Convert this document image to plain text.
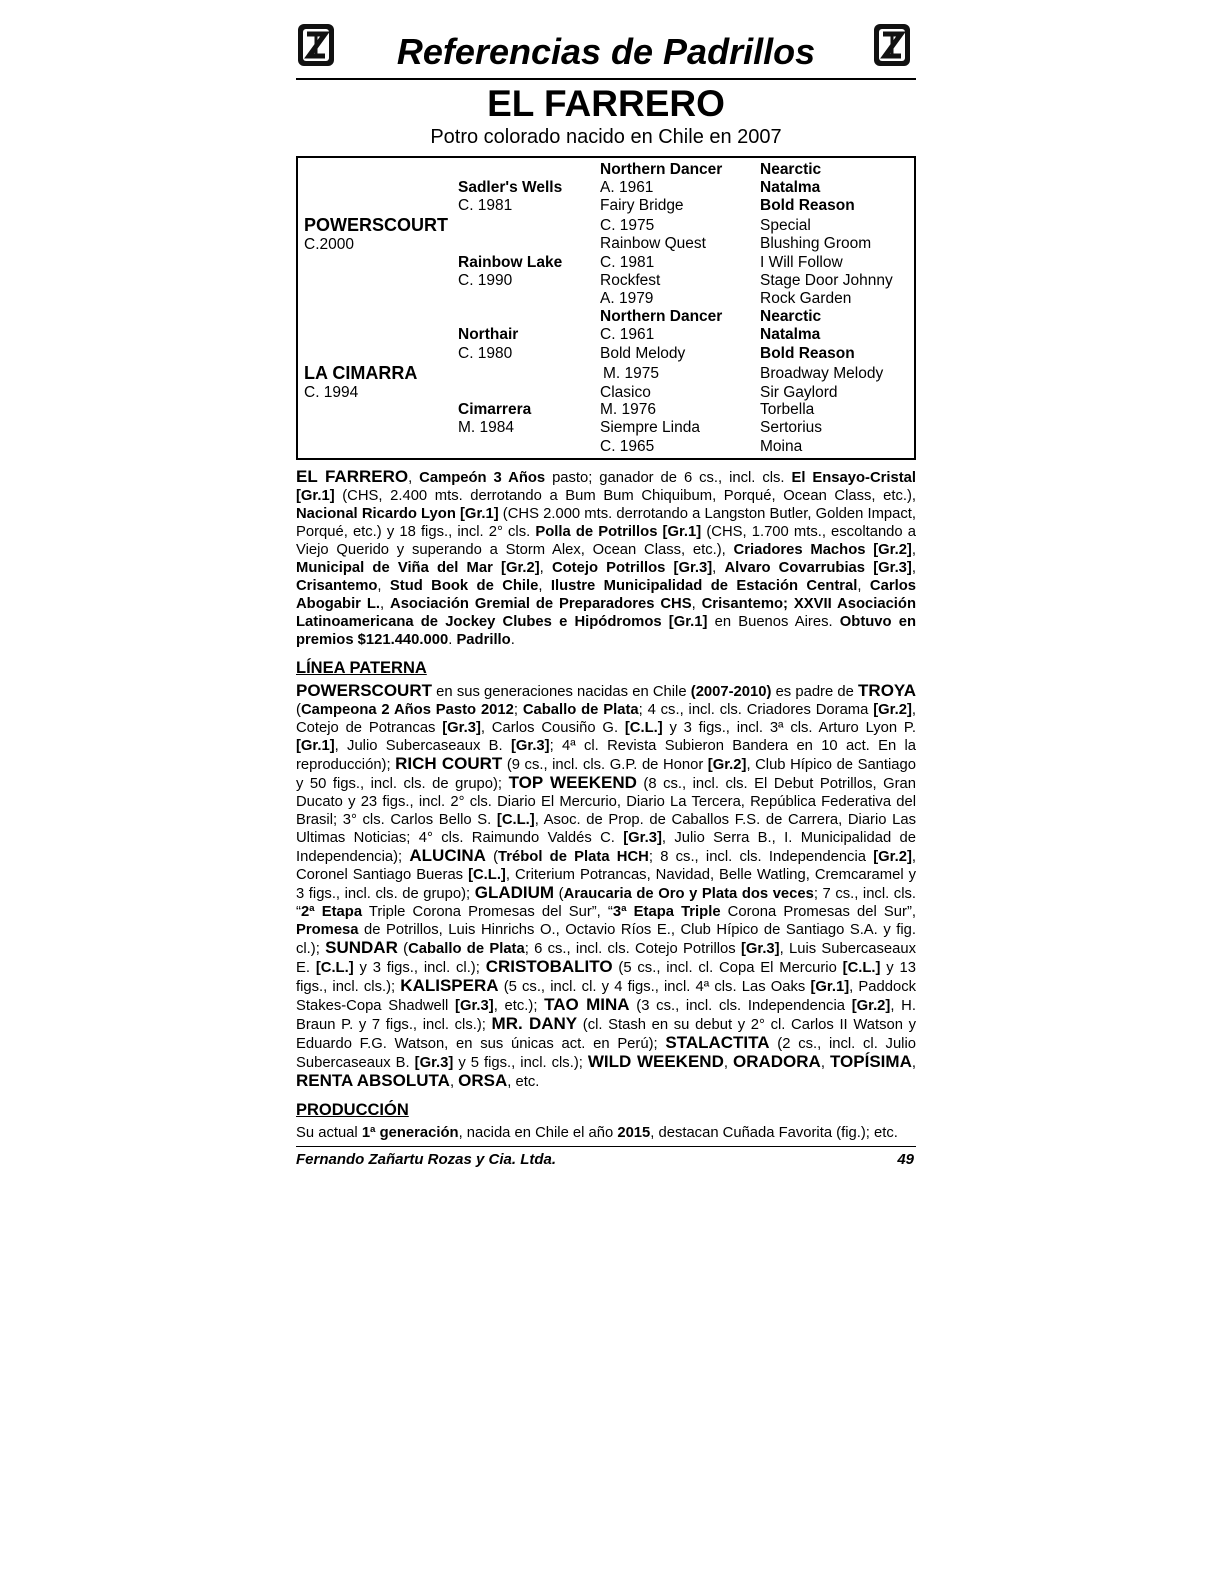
Referencias de Padrillos
EL FARRERO
Potro colorado nacido en Chile en 2007
POWERSCOURT
C.2000
LA CIMARRA
C. 1994
Sadler's Wells
C. 1981
Rainbow Lake
C. 1990
Northair
C. 1980
Cimarrera
M. 1984
Northern Dancer
A. 1961
Fairy Bridge
C. 1975
Rainbow Quest
C. 1981
Rockfest
A. 1979
Northern Dancer
C. 1961
Bold Melody
M. 1975
Clasico
M. 1976
Siempre Linda
C. 1965
Nearctic
Natalma
Bold Reason
Special
Blushing Groom
I Will Follow
Stage Door Johnny
Rock Garden
Nearctic
Natalma
Bold Reason
Broadway Melody
Sir Gaylord
Torbella
Sertorius
Moina
EL FARRERO, Campeón 3 Años pasto; ganador de 6 cs., incl. cls. El Ensayo-Cristal [Gr.1] (CHS, 2.400 mts. derrotando a Bum Bum Chiquibum, Porqué, Ocean Class, etc.), Nacional Ricardo Lyon [Gr.1] (CHS 2.000 mts. derrotando a Langston Butler, Golden Impact, Porqué, etc.) y 18 figs., incl. 2° cls. Polla de Potrillos [Gr.1] (CHS, 1.700 mts., escoltando a Viejo Querido y superando a Storm Alex, Ocean Class, etc.), Criadores Machos [Gr.2], Municipal de Viña del Mar [Gr.2], Cotejo Potrillos [Gr.3], Alvaro Covarrubias [Gr.3], Crisantemo, Stud Book de Chile, Ilustre Municipalidad de Estación Central, Carlos Abogabir L., Asociación Gremial de Preparadores CHS, Crisantemo; XXVII Asociación Latinoamericana de Jockey Clubes e Hipódromos [Gr.1] en Buenos Aires. Obtuvo en premios $121.440.000. Padrillo.
LÍNEA PATERNA
POWERSCOURT en sus generaciones nacidas en Chile (2007-2010) es padre de TROYA (Campeona 2 Años Pasto 2012; Caballo de Plata; 4 cs., incl. cls. Criadores Dorama [Gr.2], Cotejo de Potrancas [Gr.3], Carlos Cousiño G. [C.L.] y 3 figs., incl. 3ª cls. Arturo Lyon P. [Gr.1], Julio Subercaseaux B. [Gr.3]; 4ª cl. Revista Subieron Bandera en 10 act. En la reproducción); RICH COURT (9 cs., incl. cls. G.P. de Honor [Gr.2], Club Hípico de Santiago y 50 figs., incl. cls. de grupo); TOP WEEKEND (8 cs., incl. cls. El Debut Potrillos, Gran Ducato y 23 figs., incl. 2° cls. Diario El Mercurio, Diario La Tercera, República Federativa del Brasil; 3° cls. Carlos Bello S. [C.L.], Asoc. de Prop. de Caballos F.S. de Carrera, Diario Las Ultimas Noticias; 4° cls. Raimundo Valdés C. [Gr.3], Julio Serra B., I. Municipalidad de Independencia); ALUCINA (Trébol de Plata HCH; 8 cs., incl. cls. Independencia [Gr.2], Coronel Santiago Bueras [C.L.], Criterium Potrancas, Navidad, Belle Watling, Cremcaramel y 3 figs., incl. cls. de grupo); GLADIUM (Araucaria de Oro y Plata dos veces; 7 cs., incl. cls. “2ª Etapa Triple Corona Promesas del Sur”, “3ª Etapa Triple Corona Promesas del Sur”, Promesa de Potrillos, Luis Hinrichs O., Octavio Ríos E., Club Hípico de Santiago S.A. y fig. cl.); SUNDAR (Caballo de Plata; 6 cs., incl. cls. Cotejo Potrillos [Gr.3], Luis Subercaseaux E. [C.L.] y 3 figs., incl. cl.); CRISTOBALITO (5 cs., incl. cl. Copa El Mercurio [C.L.] y 13 figs., incl. cls.); KALISPERA (5 cs., incl. cl. y 4 figs., incl. 4ª cls. Las Oaks [Gr.1], Paddock Stakes-Copa Shadwell [Gr.3], etc.); TAO MINA (3 cs., incl. cls. Independencia [Gr.2], H. Braun P. y 7 figs., incl. cls.); MR. DANY (cl. Stash en su debut y 2° cl. Carlos II Watson y Eduardo F.G. Watson, en sus únicas act. en Perú); STALACTITA (2 cs., incl. cl. Julio Subercaseaux B. [Gr.3] y 5 figs., incl. cls.); WILD WEEKEND, ORADORA, TOPÍSIMA, RENTA ABSOLUTA, ORSA, etc.
PRODUCCIÓN
Su actual 1ª generación, nacida en Chile el año 2015, destacan Cuñada Favorita (fig.); etc.
Fernando Zañartu Rozas y Cia. Ltda.	49
